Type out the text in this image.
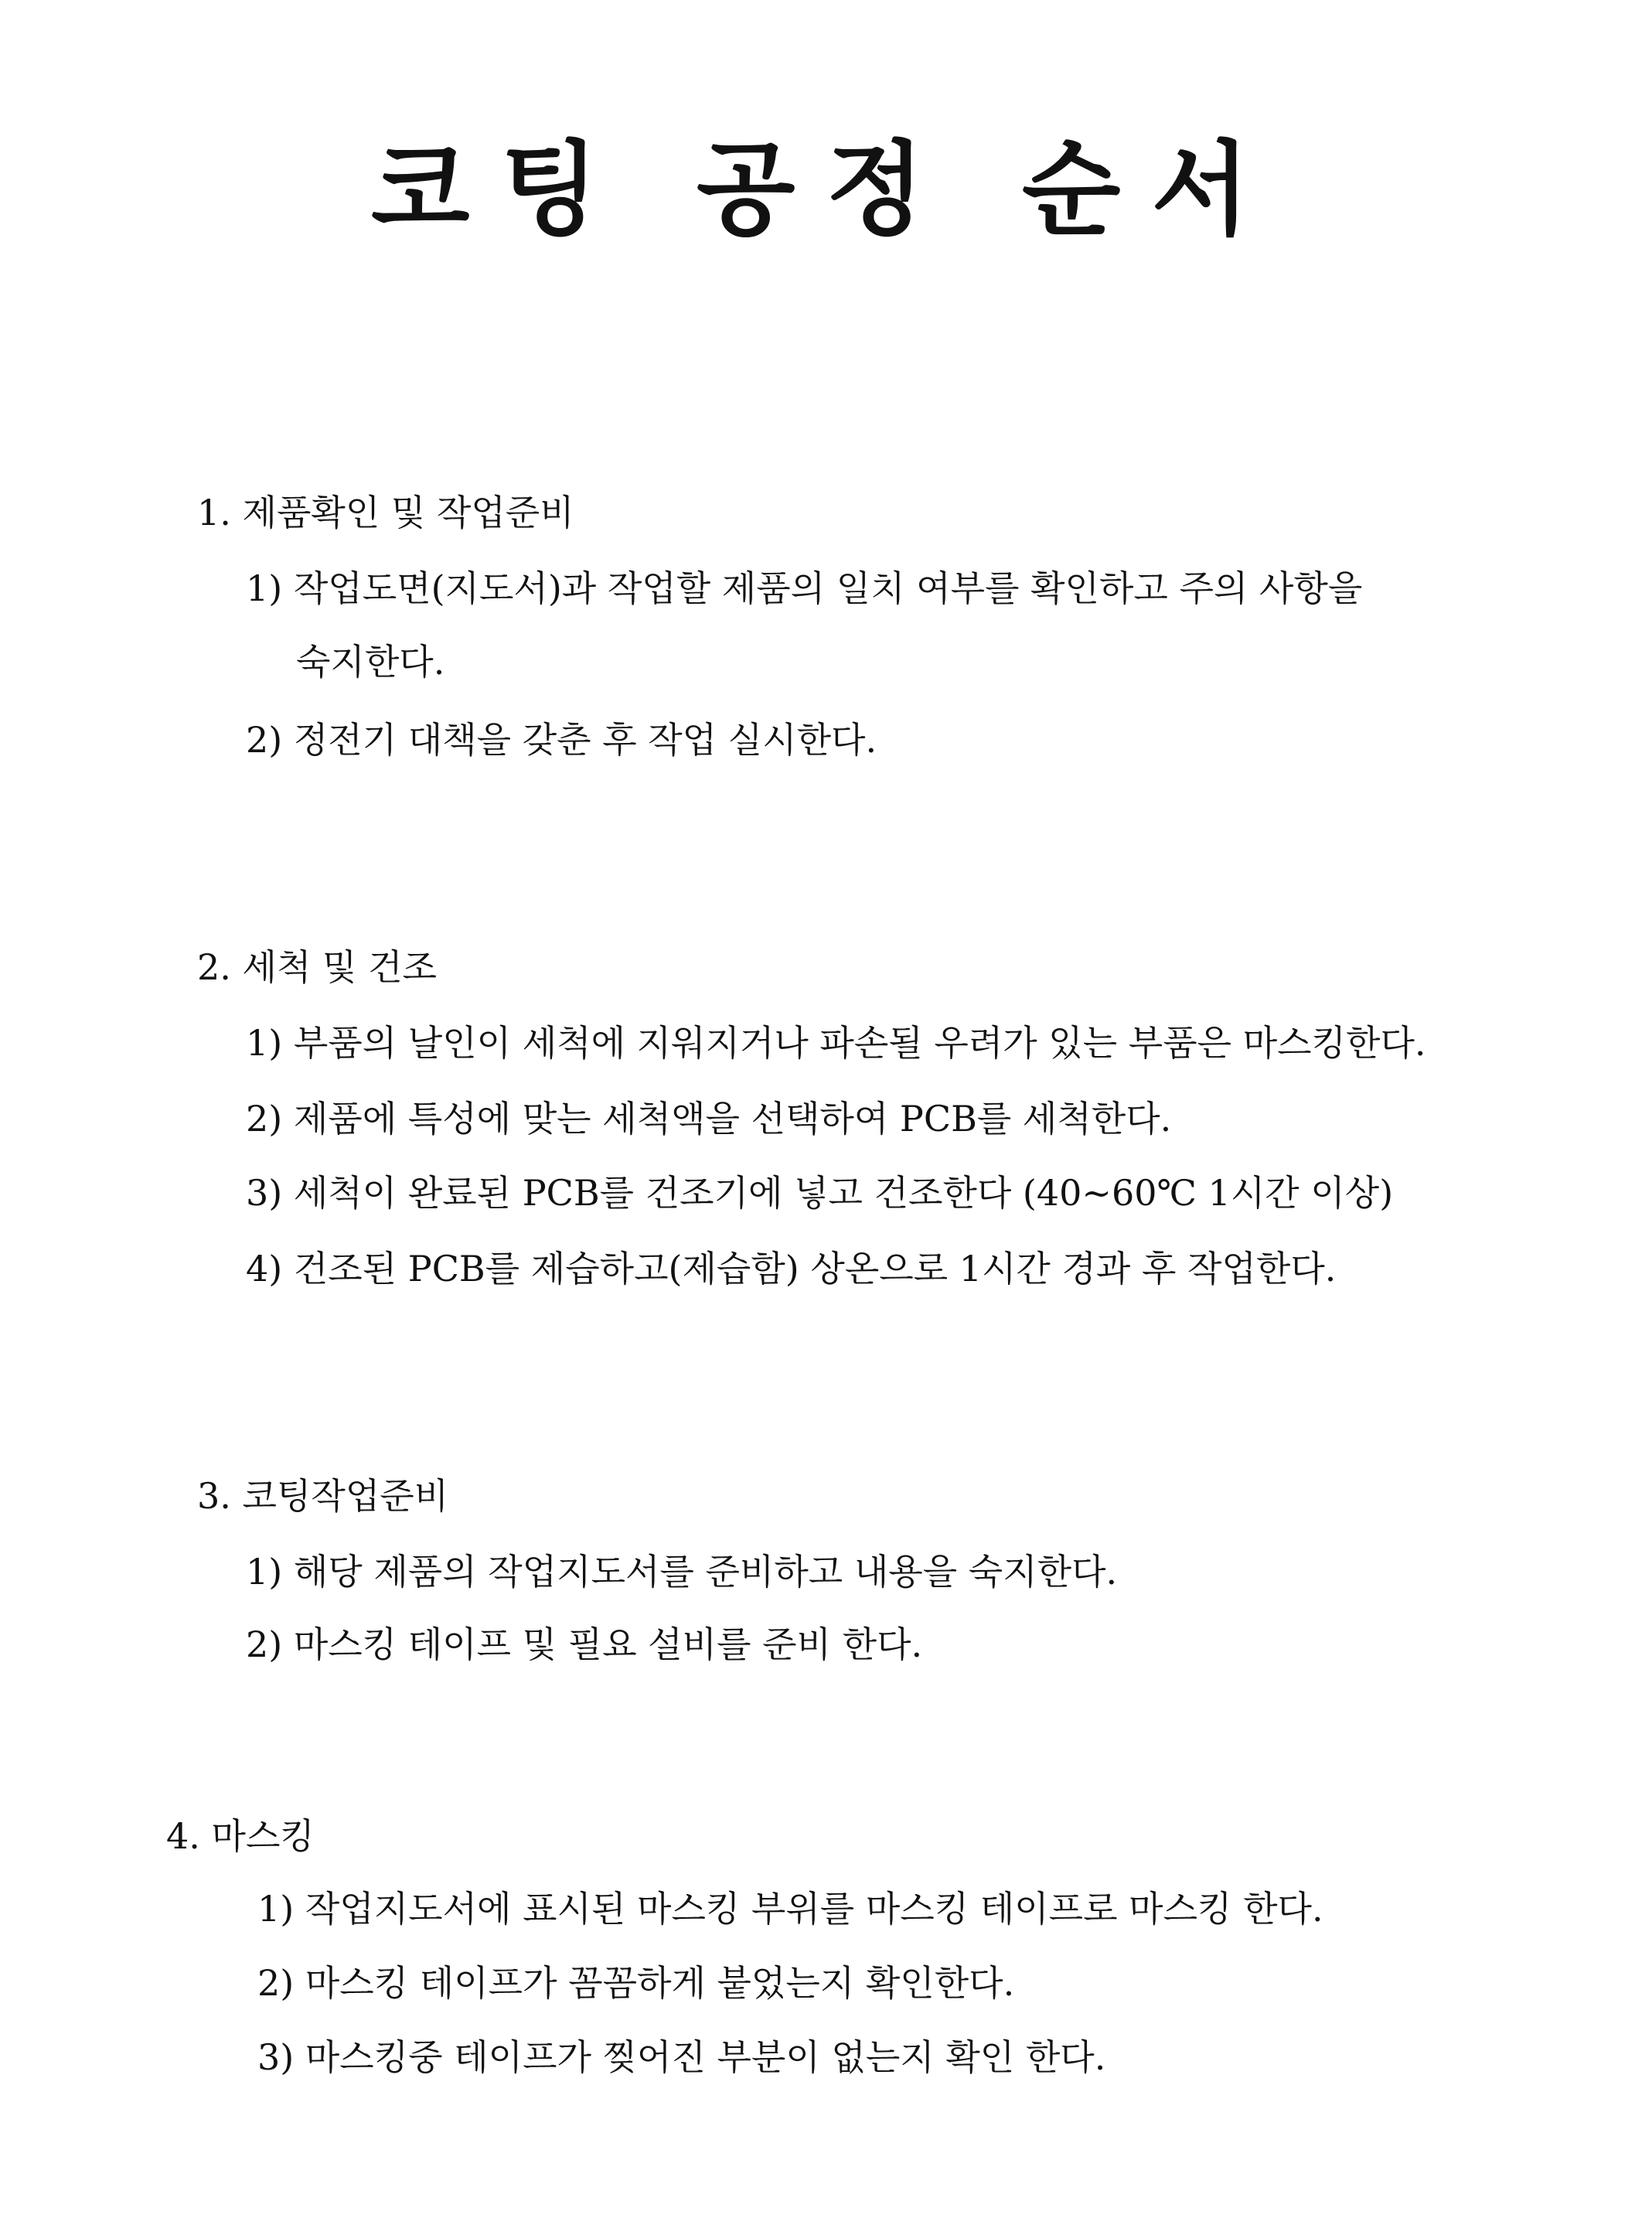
코팅 공정 순서

1. 제품확인 및 작업준비

1) 작업도면(지도서)과 작업할 제품의 일치 여부를 확인하고 주의 사항을

숙지한다.

2) 정전기 대책을 갖춘 후 작업 실시한다.

2. 세척 및 건조

1) 부품의 날인이 세척에 지워지거나 파손될 우려가 있는 부품은 마스킹한다.

2) 제품에 특성에 맞는 세척액을 선택하여 PCB를 세척한다.

3) 세척이 완료된 PCB를 건조기에 넣고 건조한다 (40~60℃ 1시간 이상)

4) 건조된 PCB를 제습하고(제습함) 상온으로 1시간 경과 후 작업한다.

3. 코팅작업준비

1) 해당 제품의 작업지도서를 준비하고 내용을 숙지한다.

2) 마스킹 테이프 및 필요 설비를 준비 한다.

4. 마스킹

1) 작업지도서에 표시된 마스킹 부위를 마스킹 테이프로 마스킹 한다.

2) 마스킹 테이프가 꼼꼼하게 붙었는지 확인한다.

3) 마스킹중 테이프가 찢어진 부분이 없는지 확인 한다.
